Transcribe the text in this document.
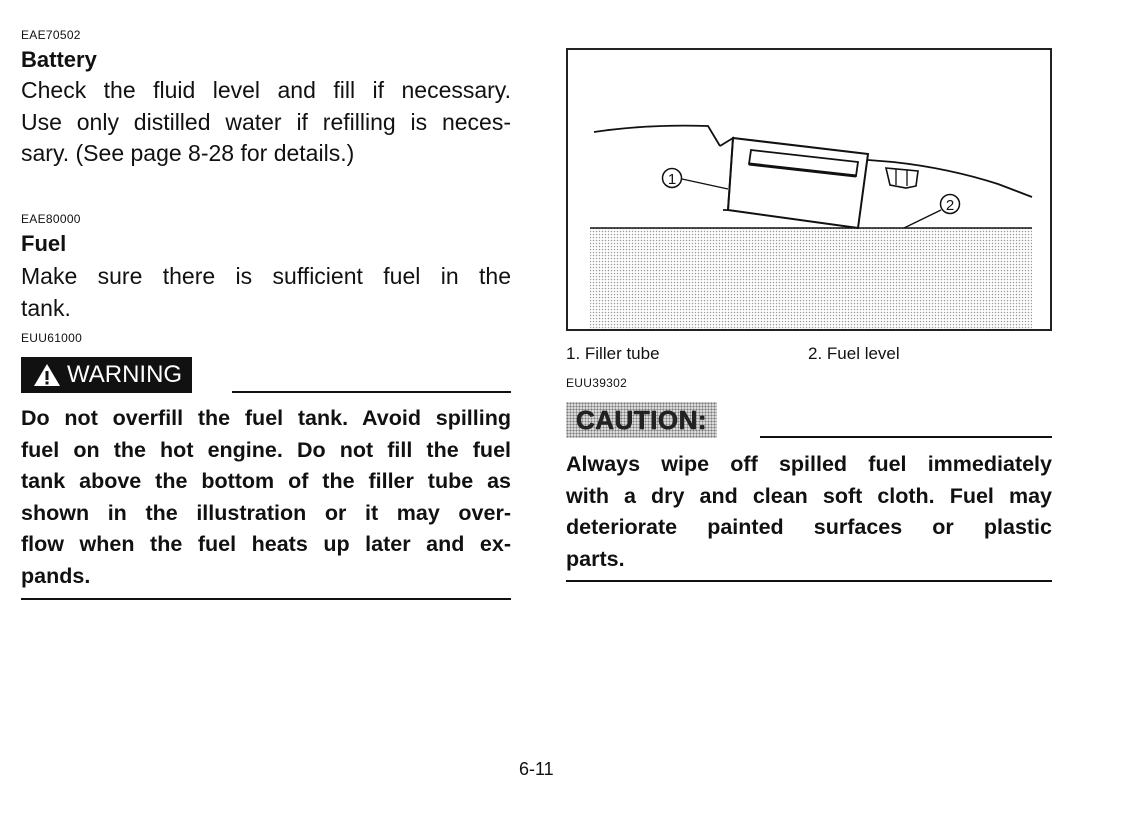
EAE70502
Battery
Check the fluid level and fill if necessary.
Use only distilled water if refilling is neces-
sary. (See page 8-28 for details.)
EAE80000
Fuel
Make sure there is sufficient fuel in the
tank.
EUU61000
WARNING
Do not overfill the fuel tank. Avoid spilling
fuel on the hot engine. Do not fill the fuel
tank above the bottom of the filler tube as
shown in the illustration or it may over-
flow when the fuel heats up later and ex-
pands.
1
2
1. Filler tube	2. Fuel level
EUU39302
CAUTION:
Always wipe off spilled fuel immediately
with a dry and clean soft cloth. Fuel may
deteriorate painted surfaces or plastic
parts.
6-11
